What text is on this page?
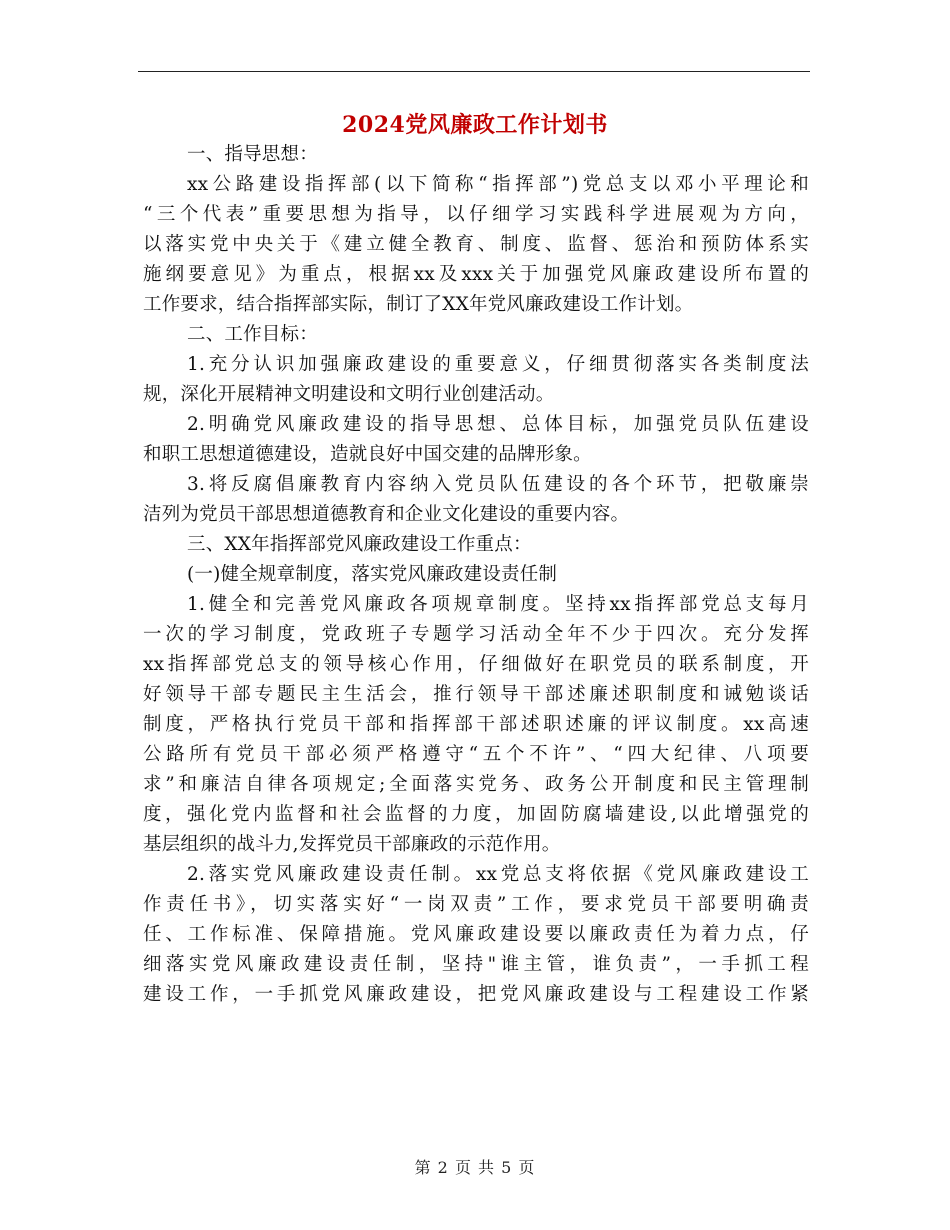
2024党风廉政工作计划书
一、指导思想：
xx公路建设指挥部(以下简称“指挥部”)党总支以邓小平理论和
“三个代表”重要思想为指导，以仔细学习实践科学进展观为方向，
以落实党中央关于《建立健全教育、制度、监督、惩治和预防体系实
施纲要意见》为重点，根据xx及xxx关于加强党风廉政建设所布置的
工作要求，结合指挥部实际，制订了XX年党风廉政建设工作计划。
二、工作目标：
1.充分认识加强廉政建设的重要意义，仔细贯彻落实各类制度法
规，深化开展精神文明建设和文明行业创建活动。
2.明确党风廉政建设的指导思想、总体目标，加强党员队伍建设
和职工思想道德建设，造就良好中国交建的品牌形象。
3.将反腐倡廉教育内容纳入党员队伍建设的各个环节，把敬廉崇
洁列为党员干部思想道德教育和企业文化建设的重要内容。
三、XX年指挥部党风廉政建设工作重点：
(一)健全规章制度，落实党风廉政建设责任制
1.健全和完善党风廉政各项规章制度。坚持xx指挥部党总支每月
一次的学习制度，党政班子专题学习活动全年不少于四次。充分发挥
xx指挥部党总支的领导核心作用，仔细做好在职党员的联系制度，开
好领导干部专题民主生活会，推行领导干部述廉述职制度和诫勉谈话
制度，严格执行党员干部和指挥部干部述职述廉的评议制度。xx高速
公路所有党员干部必须严格遵守“五个不许”、“四大纪律、八项要
求”和廉洁自律各项规定;全面落实党务、政务公开制度和民主管理制
度，强化党内监督和社会监督的力度，加固防腐墙建设,以此增强党的
基层组织的战斗力,发挥党员干部廉政的示范作用。
2.落实党风廉政建设责任制。xx党总支将依据《党风廉政建设工
作责任书》，切实落实好“一岗双责”工作，要求党员干部要明确责
任、工作标准、保障措施。党风廉政建设要以廉政责任为着力点，仔
细落实党风廉政建设责任制，坚持"谁主管，谁负责”，一手抓工程
建设工作，一手抓党风廉政建设，把党风廉政建设与工程建设工作紧
第 2 页 共 5 页
